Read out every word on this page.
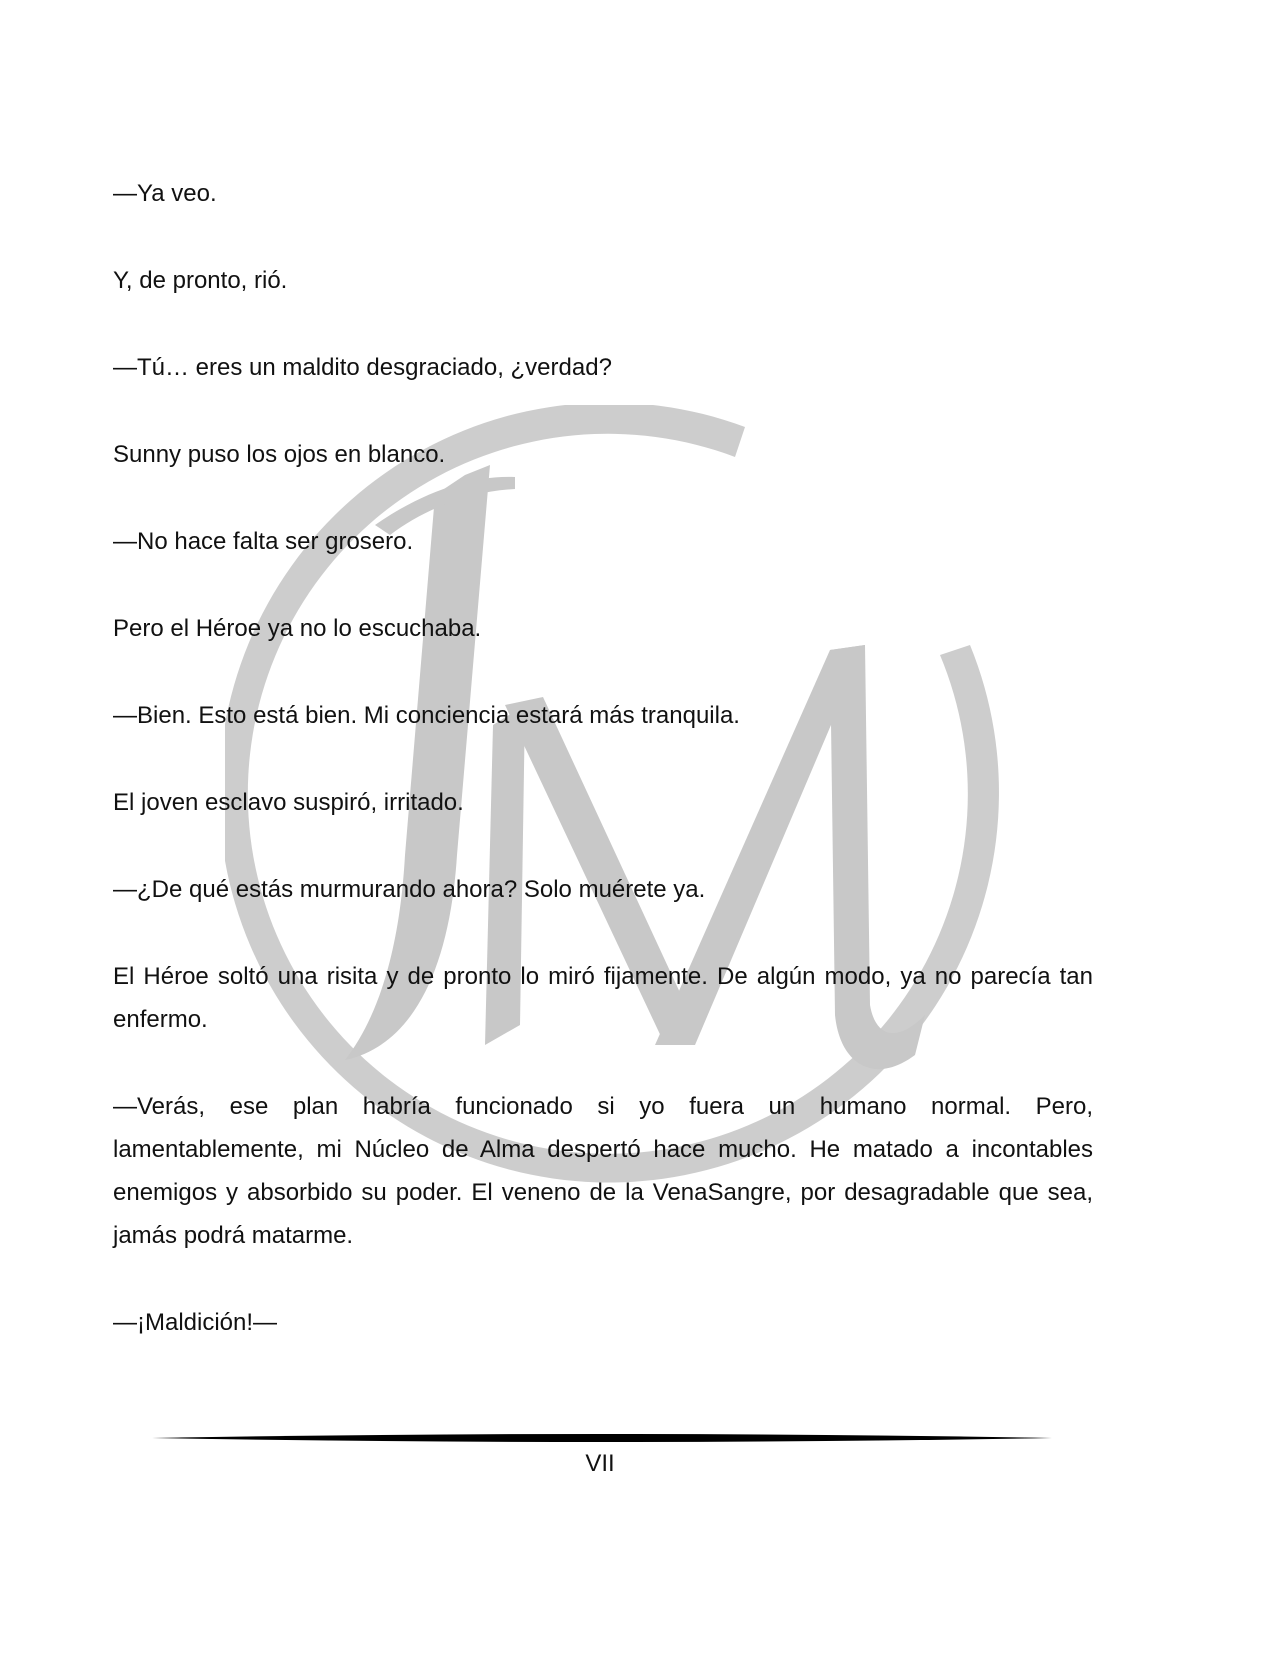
—Ya veo.

Y, de pronto, rió.

—Tú… eres un maldito desgraciado, ¿verdad?

Sunny puso los ojos en blanco.

—No hace falta ser grosero.

Pero el Héroe ya no lo escuchaba.

—Bien. Esto está bien. Mi conciencia estará más tranquila.

El joven esclavo suspiró, irritado.

—¿De qué estás murmurando ahora? Solo muérete ya.

El Héroe soltó una risita y de pronto lo miró fijamente. De algún modo, ya no parecía tan enfermo.

—Verás, ese plan habría funcionado si yo fuera un humano normal. Pero, lamentablemente, mi Núcleo de Alma despertó hace mucho. He matado a incontables enemigos y absorbido su poder. El veneno de la VenaSangre, por desagradable que sea, jamás podrá matarme.

—¡Maldición!—

VII
